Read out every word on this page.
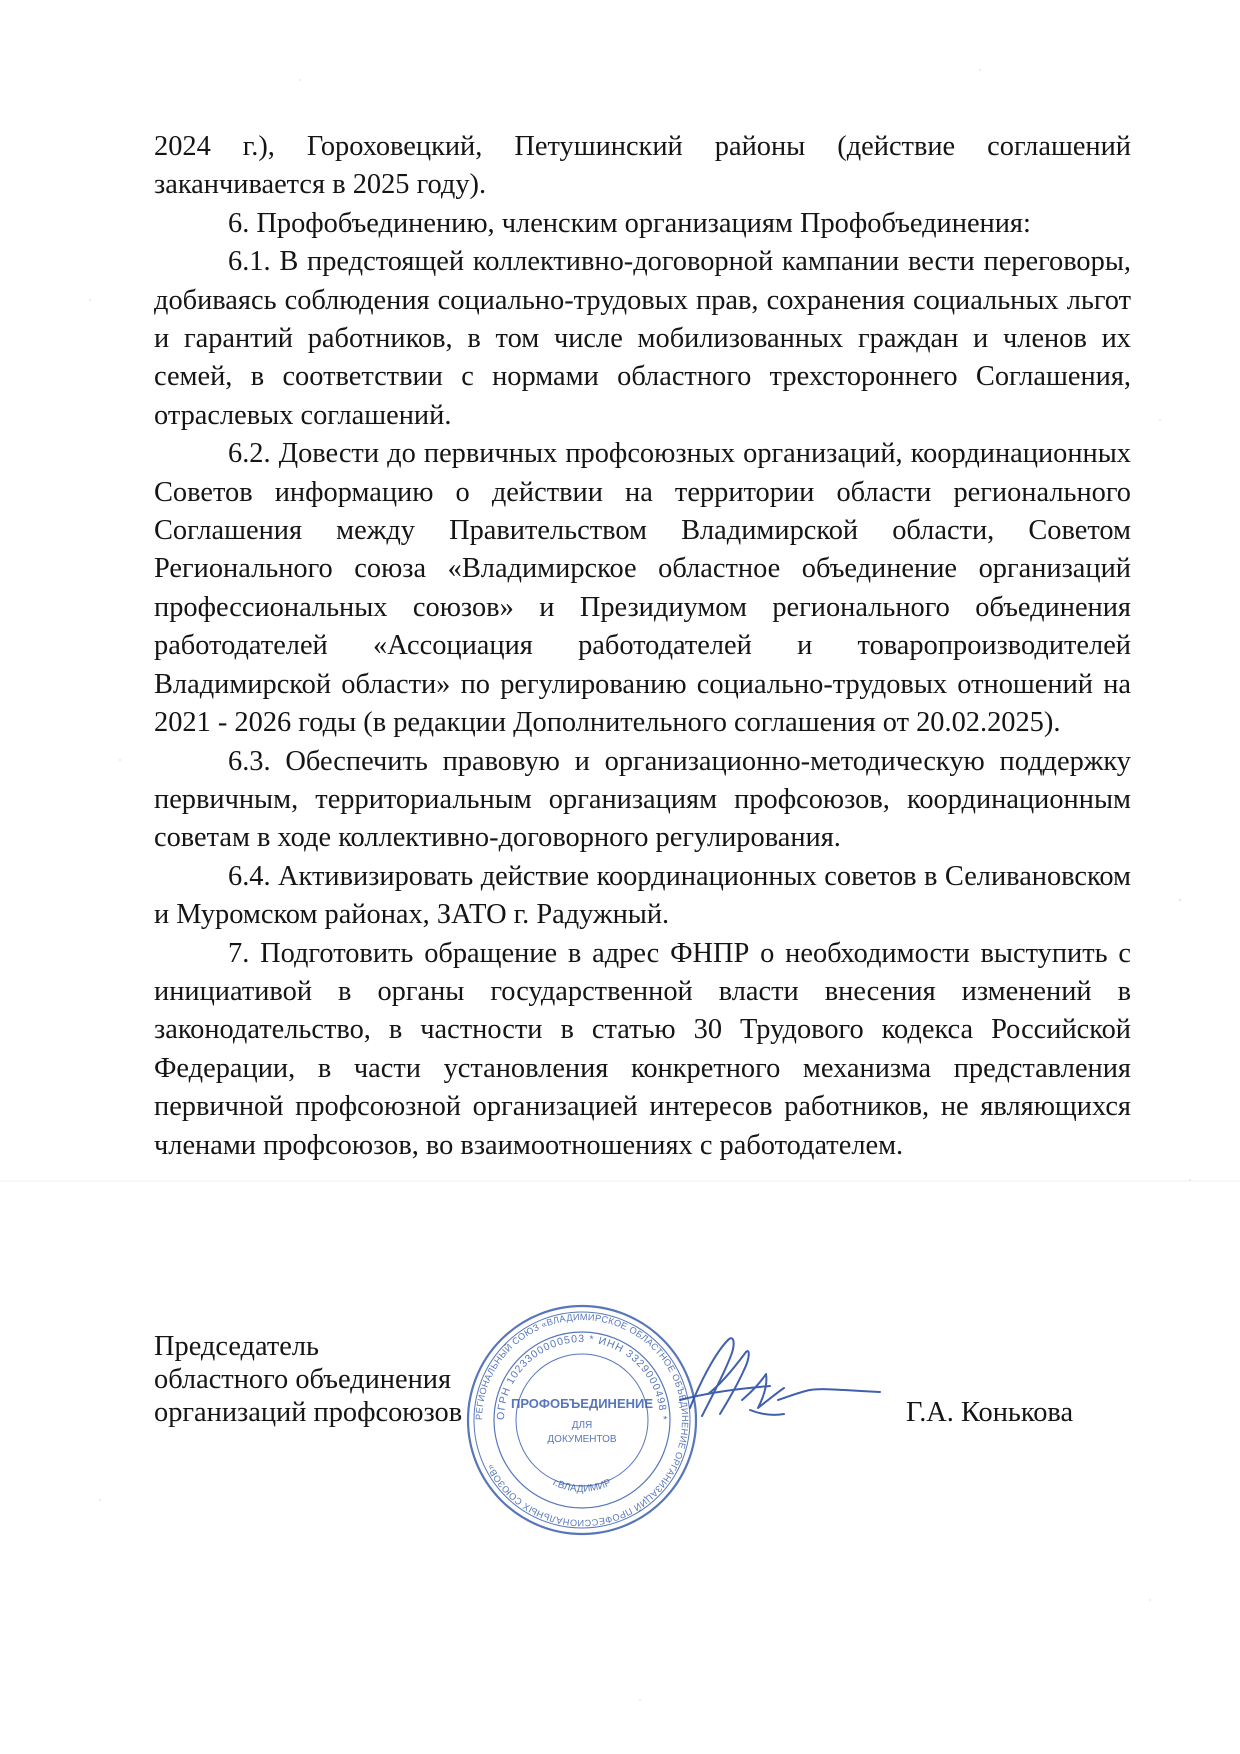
2024 г.), Гороховецкий, Петушинский районы (действие соглашений заканчивается в 2025 году).

6. Профобъединению, членским организациям Профобъединения:

6.1. В предстоящей коллективно-договорной кампании вести переговоры, добиваясь соблюдения социально-трудовых прав, сохранения социальных льгот и гарантий работников, в том числе мобилизованных граждан и членов их семей, в соответствии с нормами областного трехстороннего Соглашения, отраслевых соглашений.

6.2. Довести до первичных профсоюзных организаций, координационных Советов информацию о действии на территории области регионального Соглашения между Правительством Владимирской области, Советом Регионального союза «Владимирское областное объединение организаций профессиональных союзов» и Президиумом регионального объединения работодателей «Ассоциация работодателей и товаропроизводителей Владимирской области» по регулированию социально-трудовых отношений на 2021 - 2026 годы (в редакции Дополнительного соглашения от 20.02.2025).

6.3. Обеспечить правовую и организационно-методическую поддержку первичным, территориальным организациям профсоюзов, координационным советам в ходе коллективно-договорного регулирования.

6.4. Активизировать действие координационных советов в Селивановском и Муромском районах, ЗАТО г. Радужный.

7. Подготовить обращение в адрес ФНПР о необходимости выступить с инициативой в органы государственной власти внесения изменений в законодательство, в частности в статью 30 Трудового кодекса Российской Федерации, в части установления конкретного механизма представления первичной профсоюзной организацией интересов работников, не являющихся членами профсоюзов, во взаимоотношениях с работодателем.

Председатель
областного объединения
организаций профсоюзов	Г.А. Конькова
РЕГИОНАЛЬНЫЙ СОЮЗ «ВЛАДИМИРСКОЕ ОБЛАСТНОЕ ОБЪЕДИНЕНИЕ ОРГАНИЗАЦИЙ ПРОФЕССИОНАЛЬНЫХ СОЮЗОВ»
ОГРН 1023300000503 * ИНН 3329000498 *
ПРОФОБЪЕДИНЕНИЕ
ДЛЯ
ДОКУМЕНТОВ
г.ВЛАДИМИР
